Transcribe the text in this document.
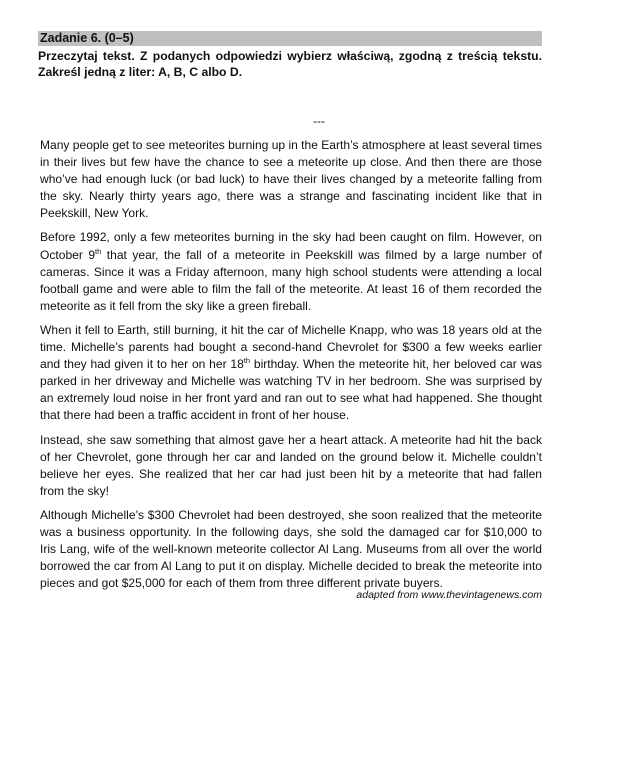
Zadanie 6. (0–5)
Przeczytaj tekst. Z podanych odpowiedzi wybierz właściwą, zgodną z treścią tekstu. Zakreśl jedną z liter: A, B, C albo D.
---

Many people get to see meteorites burning up in the Earth’s atmosphere at least several times in their lives but few have the chance to see a meteorite up close. And then there are those who’ve had enough luck (or bad luck) to have their lives changed by a meteorite falling from the sky. Nearly thirty years ago, there was a strange and fascinating incident like that in Peekskill, New York.

Before 1992, only a few meteorites burning in the sky had been caught on film. However, on October 9th that year, the fall of a meteorite in Peekskill was filmed by a large number of cameras. Since it was a Friday afternoon, many high school students were attending a local football game and were able to film the fall of the meteorite. At least 16 of them recorded the meteorite as it fell from the sky like a green fireball.

When it fell to Earth, still burning, it hit the car of Michelle Knapp, who was 18 years old at the time. Michelle’s parents had bought a second-hand Chevrolet for $300 a few weeks earlier and they had given it to her on her 18th birthday. When the meteorite hit, her beloved car was parked in her driveway and Michelle was watching TV in her bedroom. She was surprised by an extremely loud noise in her front yard and ran out to see what had happened. She thought that there had been a traffic accident in front of her house.

Instead, she saw something that almost gave her a heart attack. A meteorite had hit the back of her Chevrolet, gone through her car and landed on the ground below it. Michelle couldn’t believe her eyes. She realized that her car had just been hit by a meteorite that had fallen from the sky!

Although Michelle’s $300 Chevrolet had been destroyed, she soon realized that the meteorite was a business opportunity. In the following days, she sold the damaged car for $10,000 to Iris Lang, wife of the well-known meteorite collector Al Lang. Museums from all over the world borrowed the car from Al Lang to put it on display. Michelle decided to break the meteorite into pieces and got $25,000 for each of them from three different private buyers.

adapted from www.thevintagenews.com
